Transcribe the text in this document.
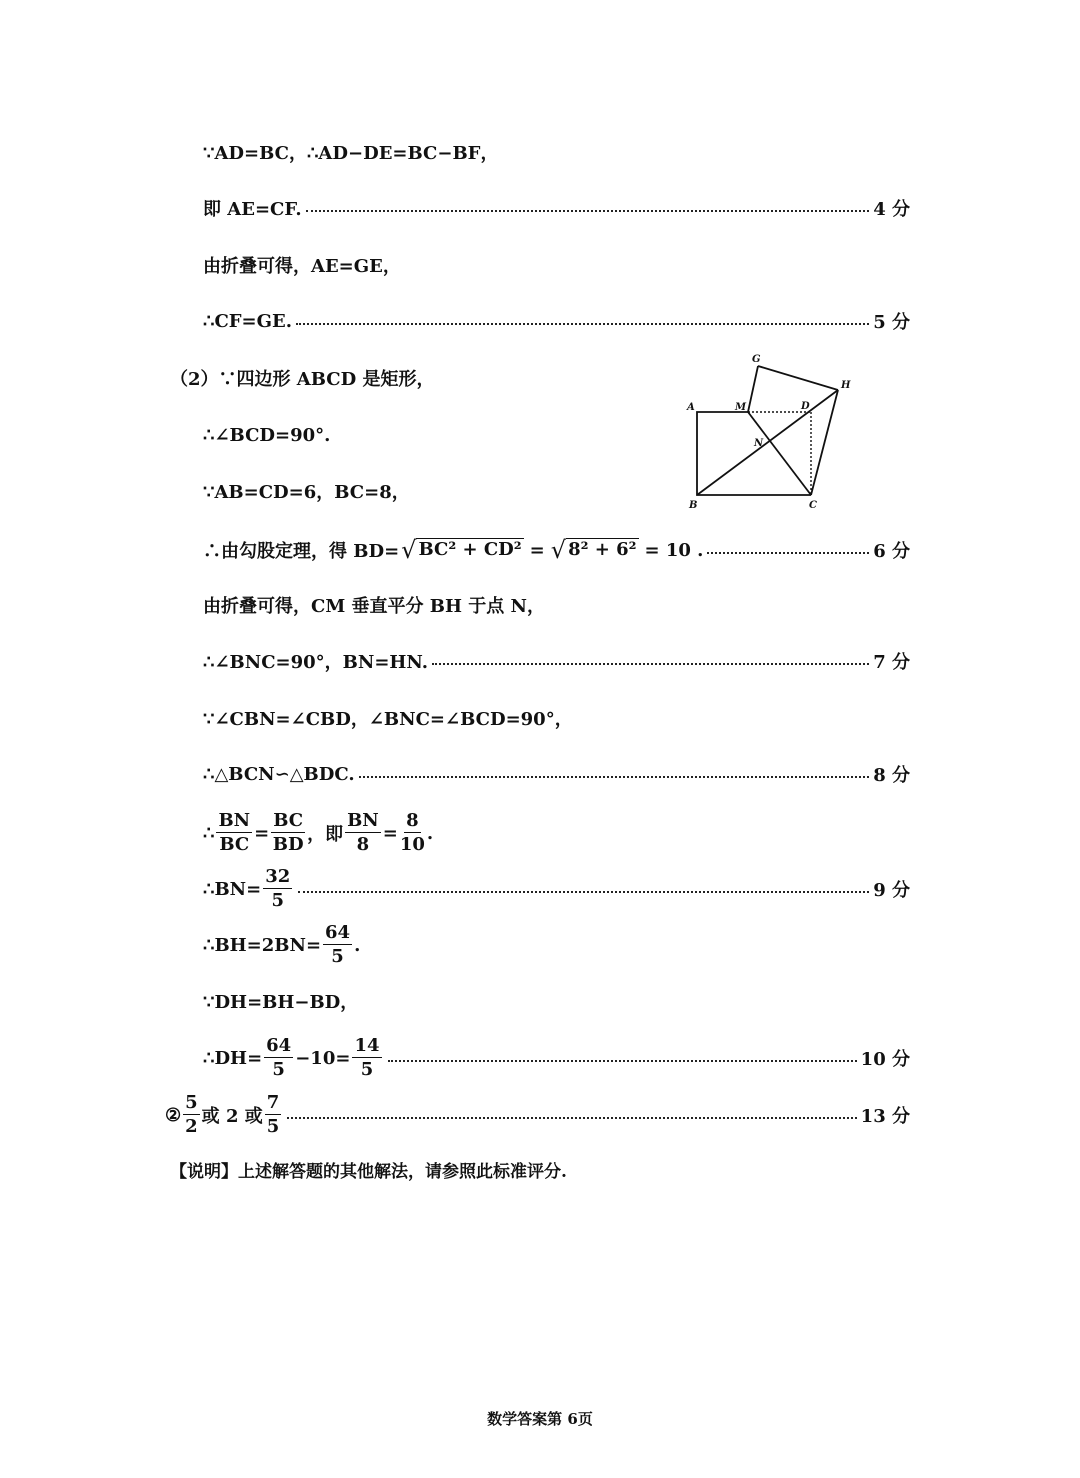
∵AD=BC，∴AD−DE=BC−BF，
即 AE=CF.	4 分
由折叠可得，AE=GE，
∴CF=GE.	5 分
（2）∵四边形 ABCD 是矩形，
G
H
A	M	D
N
B	C
∴∠BCD=90°.
∵AB=CD=6，BC=8，
∴由勾股定理，得 BD= √ BC² + CD² = √ 8² + 6² = 10 .	6 分
由折叠可得，CM 垂直平分 BH 于点 N，
∴∠BNC=90°，BN=HN.	7 分
∵∠CBN=∠CBD，∠BNC=∠BCD=90°，
∴△BCN∽△BDC.	8 分
∴ $\frac{BN}{BC} = \frac{BC}{BD}$ ，即 $\frac{BN}{8} = \frac{8}{10}$ .
∴BN= $\frac{32}{5}$	9 分
∴BH=2BN= $\frac{64}{5}$ .
∵DH=BH−BD，
∴DH= $\frac{64}{5} -10= \frac{14}{5}$	10 分
② $\frac{5}{2}$ 或 2 或 $\frac{7}{5}$	13 分
【说明】上述解答题的其他解法，请参照此标准评分.
数学答案第 6页
